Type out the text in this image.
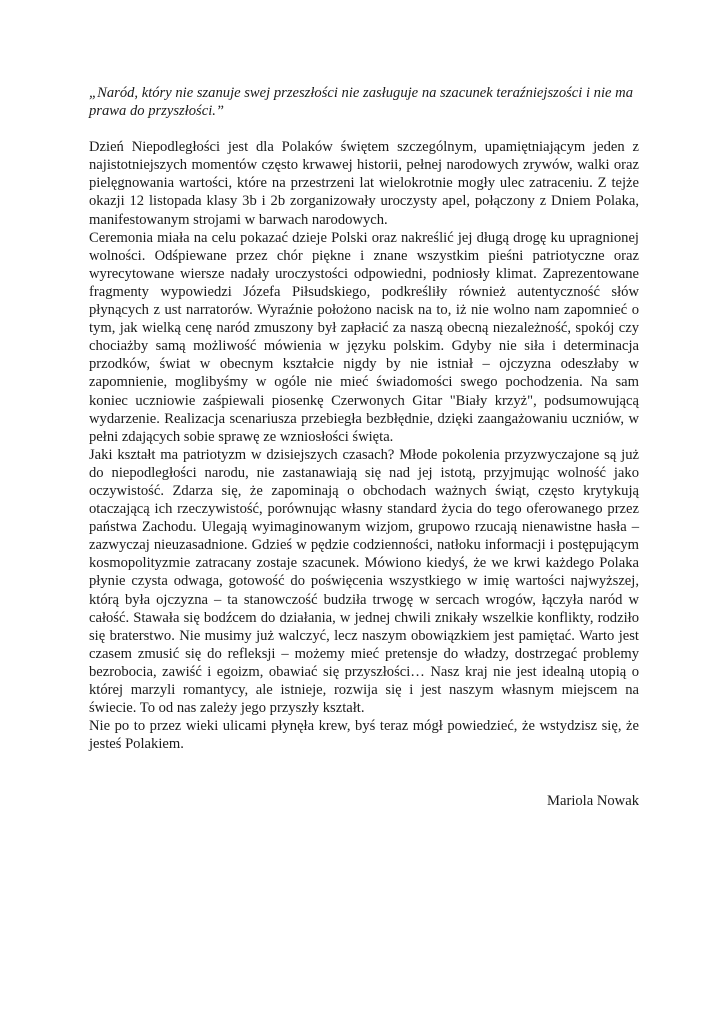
„Naród, który nie szanuje swej przeszłości nie zasługuje na szacunek teraźniejszości i nie ma prawa do przyszłości.”

Dzień Niepodległości jest dla Polaków świętem szczególnym, upamiętniającym jeden z najistotniejszych momentów często krwawej historii, pełnej narodowych zrywów, walki oraz pielęgnowania wartości, które na przestrzeni lat wielokrotnie mogły ulec zatraceniu. Z tejże okazji 12 listopada klasy 3b i 2b zorganizowały uroczysty apel, połączony z Dniem Polaka, manifestowanym strojami w barwach narodowych.

Ceremonia miała na celu pokazać dzieje Polski oraz nakreślić jej długą drogę ku upragnionej wolności. Odśpiewane przez chór piękne i znane wszystkim pieśni patriotyczne oraz wyrecytowane wiersze nadały uroczystości odpowiedni, podniosły klimat. Zaprezentowane fragmenty wypowiedzi Józefa Piłsudskiego, podkreśliły również autentyczność słów płynących z ust narratorów. Wyraźnie położono nacisk na to, iż nie wolno nam zapomnieć o tym, jak wielką cenę naród zmuszony był zapłacić za naszą obecną niezależność, spokój czy chociażby samą możliwość mówienia w języku polskim. Gdyby nie siła i determinacja przodków, świat w obecnym kształcie nigdy by nie istniał – ojczyzna odeszłaby w zapomnienie, moglibyśmy w ogóle nie mieć świadomości swego pochodzenia. Na sam koniec uczniowie zaśpiewali piosenkę Czerwonych Gitar "Biały krzyż", podsumowującą wydarzenie. Realizacja scenariusza przebiegła bezbłędnie, dzięki zaangażowaniu uczniów, w pełni zdających sobie sprawę ze wzniosłości święta.

Jaki kształt ma patriotyzm w dzisiejszych czasach? Młode pokolenia przyzwyczajone są już do niepodległości narodu, nie zastanawiają się nad jej istotą, przyjmując wolność jako oczywistość. Zdarza się, że zapominają o obchodach ważnych świąt, często krytykują otaczającą ich rzeczywistość, porównując własny standard życia do tego oferowanego przez państwa Zachodu. Ulegają wyimaginowanym wizjom, grupowo rzucają nienawistne hasła – zazwyczaj nieuzasadnione. Gdzieś w pędzie codzienności, natłoku informacji i postępującym kosmopolityzmie zatracany zostaje szacunek. Mówiono kiedyś, że we krwi każdego Polaka płynie czysta odwaga, gotowość do poświęcenia wszystkiego w imię wartości najwyższej, którą była ojczyzna – ta stanowczość budziła trwogę w sercach wrogów, łączyła naród w całość. Stawała się bodźcem do działania, w jednej chwili znikały wszelkie konflikty, rodziło się braterstwo. Nie musimy już walczyć, lecz naszym obowiązkiem jest pamiętać. Warto jest czasem zmusić się do refleksji – możemy mieć pretensje do władzy, dostrzegać problemy bezrobocia, zawiść i egoizm, obawiać się przyszłości… Nasz kraj nie jest idealną utopią o której marzyli romantycy, ale istnieje, rozwija się i jest naszym własnym miejscem na świecie. To od nas zależy jego przyszły kształt.

Nie po to przez wieki ulicami płynęła krew, byś teraz mógł powiedzieć, że wstydzisz się, że jesteś Polakiem.

Mariola Nowak
